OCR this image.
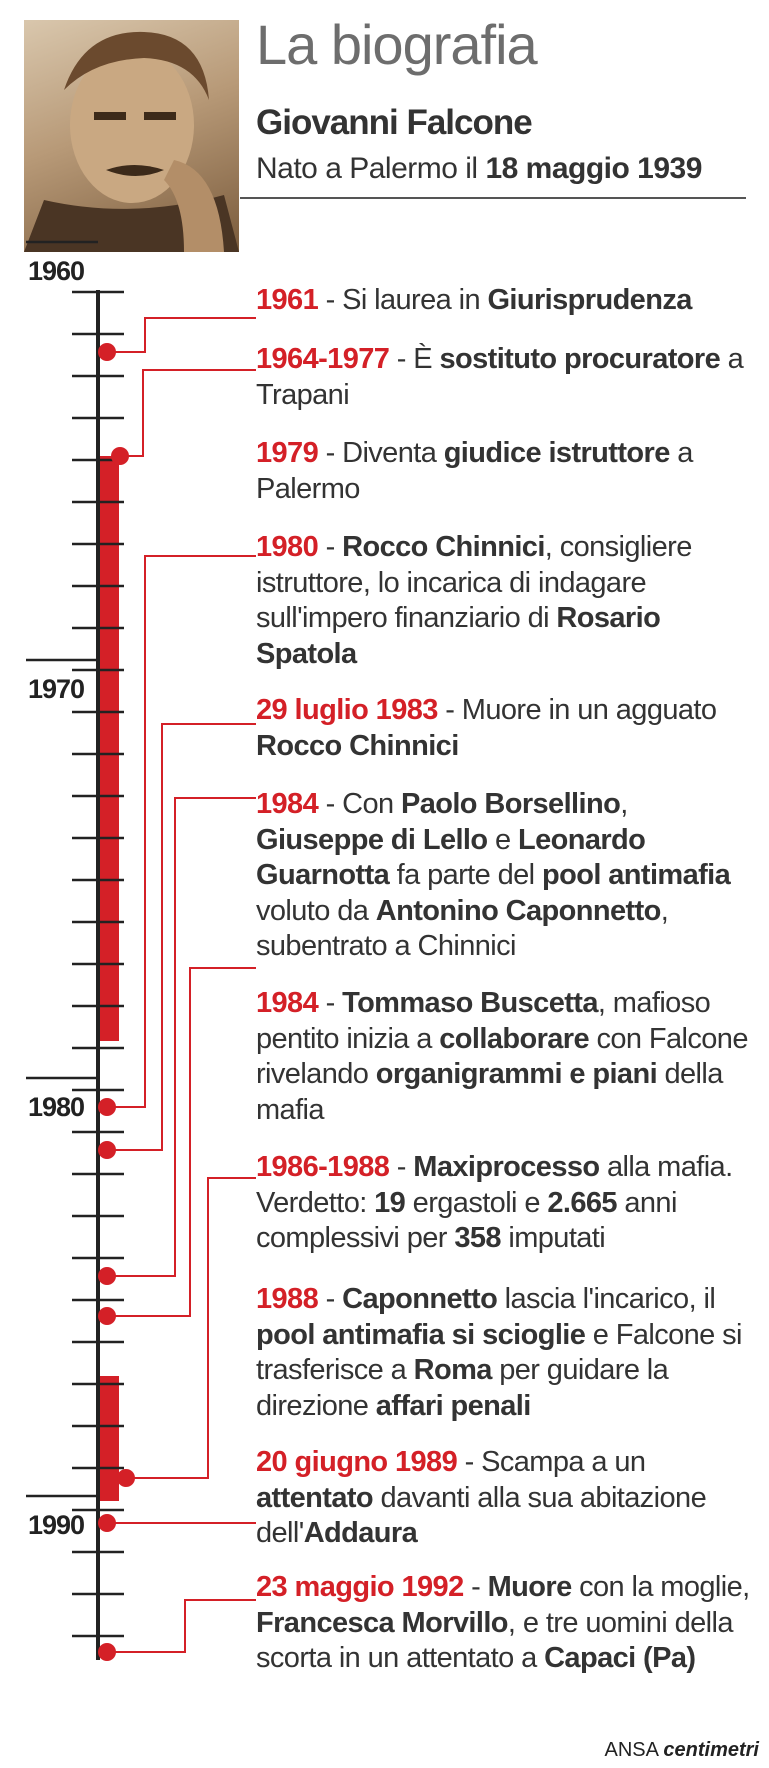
La biografia
Giovanni Falcone

Nato a Palermo il 18 maggio 1939

1960
1970
1980
1990
1961 - Si laurea in Giurisprudenza
1964-1977 - È sostituto procuratore a Trapani
1979 - Diventa giudice istruttore a Palermo
1980 - Rocco Chinnici, consigliere istruttore, lo incarica di indagare sull'impero finanziario di Rosario Spatola
29 luglio 1983 - Muore in un agguato Rocco Chinnici
1984 - Con Paolo Borsellino, Giuseppe di Lello e Leonardo Guarnotta fa parte del pool antimafia voluto da Antonino Caponnetto, subentrato a Chinnici
1984 - Tommaso Buscetta, mafioso pentito inizia a collaborare con Falcone rivelando organigrammi e piani della mafia
1986-1988 - Maxiprocesso alla mafia. Verdetto: 19 ergastoli e 2.665 anni complessivi per 358 imputati
1988 - Caponnetto lascia l'incarico, il pool antimafia si scioglie e Falcone si trasferisce a Roma per guidare la direzione affari penali
20 giugno 1989 - Scampa a un attentato davanti alla sua abitazione dell'Addaura
23 maggio 1992 - Muore con la moglie, Francesca Morvillo, e tre uomini della scorta in un attentato a Capaci (Pa)
ANSA centimetri
